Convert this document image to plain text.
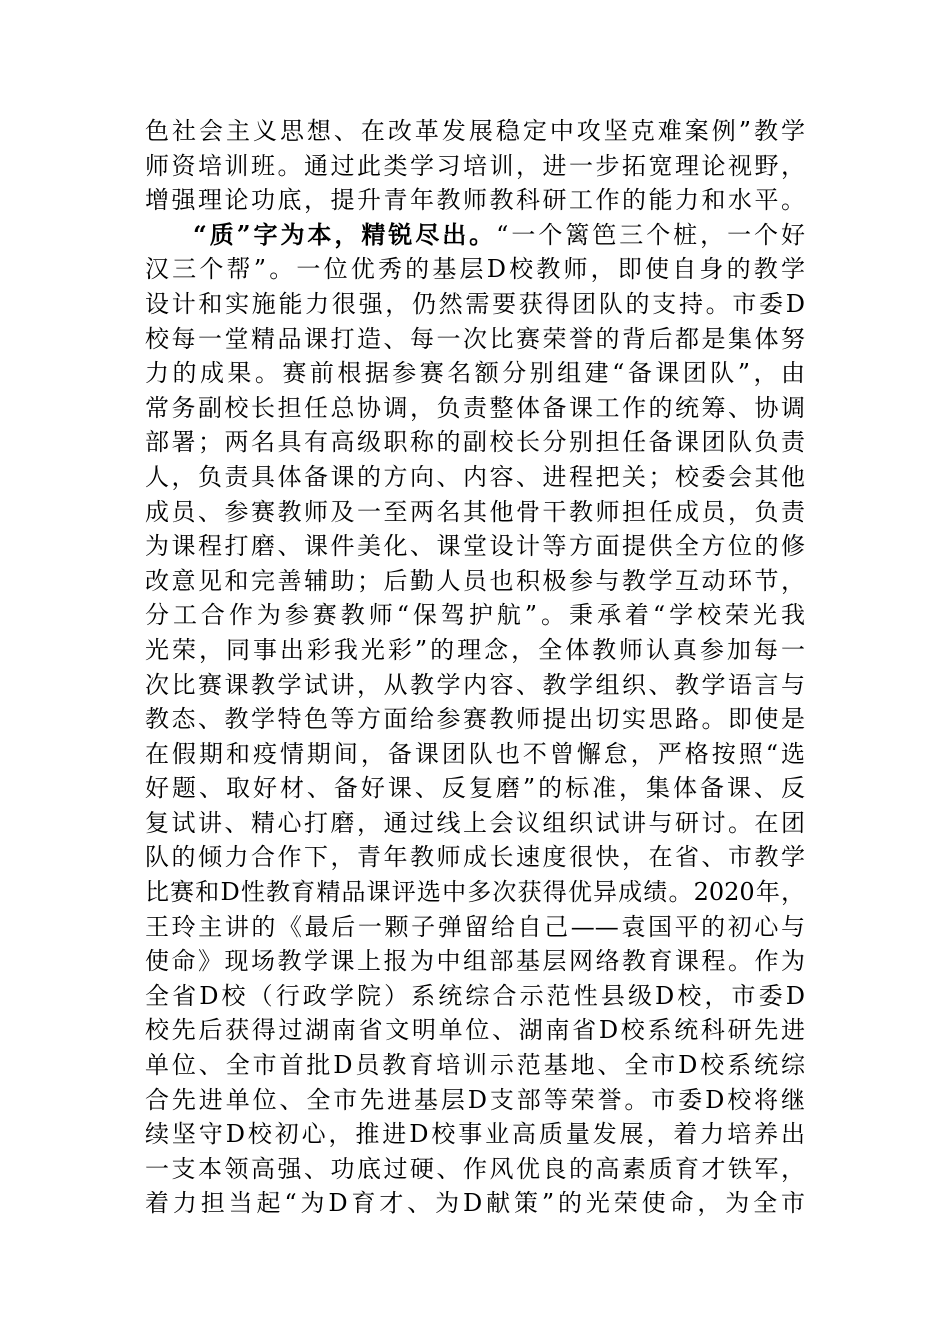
色社会主义思想、在改革发展稳定中攻坚克难案例”教学
师资培训班。通过此类学习培训，进一步拓宽理论视野，
增强理论功底，提升青年教师教科研工作的能力和水平。
“质”字为本，精锐尽出。“一个篱笆三个桩，一个好
汉三个帮”。一位优秀的基层D校教师，即使自身的教学
设计和实施能力很强，仍然需要获得团队的支持。市委D
校每一堂精品课打造、每一次比赛荣誉的背后都是集体努
力的成果。赛前根据参赛名额分别组建“备课团队”，由
常务副校长担任总协调，负责整体备课工作的统筹、协调
部署；两名具有高级职称的副校长分别担任备课团队负责
人，负责具体备课的方向、内容、进程把关；校委会其他
成员、参赛教师及一至两名其他骨干教师担任成员，负责
为课程打磨、课件美化、课堂设计等方面提供全方位的修
改意见和完善辅助；后勤人员也积极参与教学互动环节，
分工合作为参赛教师“保驾护航”。秉承着“学校荣光我
光荣，同事出彩我光彩”的理念，全体教师认真参加每一
次比赛课教学试讲，从教学内容、教学组织、教学语言与
教态、教学特色等方面给参赛教师提出切实思路。即使是
在假期和疫情期间，备课团队也不曾懈怠，严格按照“选
好题、取好材、备好课、反复磨”的标准，集体备课、反
复试讲、精心打磨，通过线上会议组织试讲与研讨。在团
队的倾力合作下，青年教师成长速度很快，在省、市教学
比赛和D性教育精品课评选中多次获得优异成绩。2020年，
王玲主讲的《最后一颗子弹留给自己——袁国平的初心与
使命》现场教学课上报为中组部基层网络教育课程。作为
全省D校（行政学院）系统综合示范性县级D校，市委D
校先后获得过湖南省文明单位、湖南省D校系统科研先进
单位、全市首批D员教育培训示范基地、全市D校系统综
合先进单位、全市先进基层D支部等荣誉。市委D校将继
续坚守D校初心，推进D校事业高质量发展，着力培养出
一支本领高强、功底过硬、作风优良的高素质育才铁军，
着力担当起“为D育才、为D献策”的光荣使命，为全市
